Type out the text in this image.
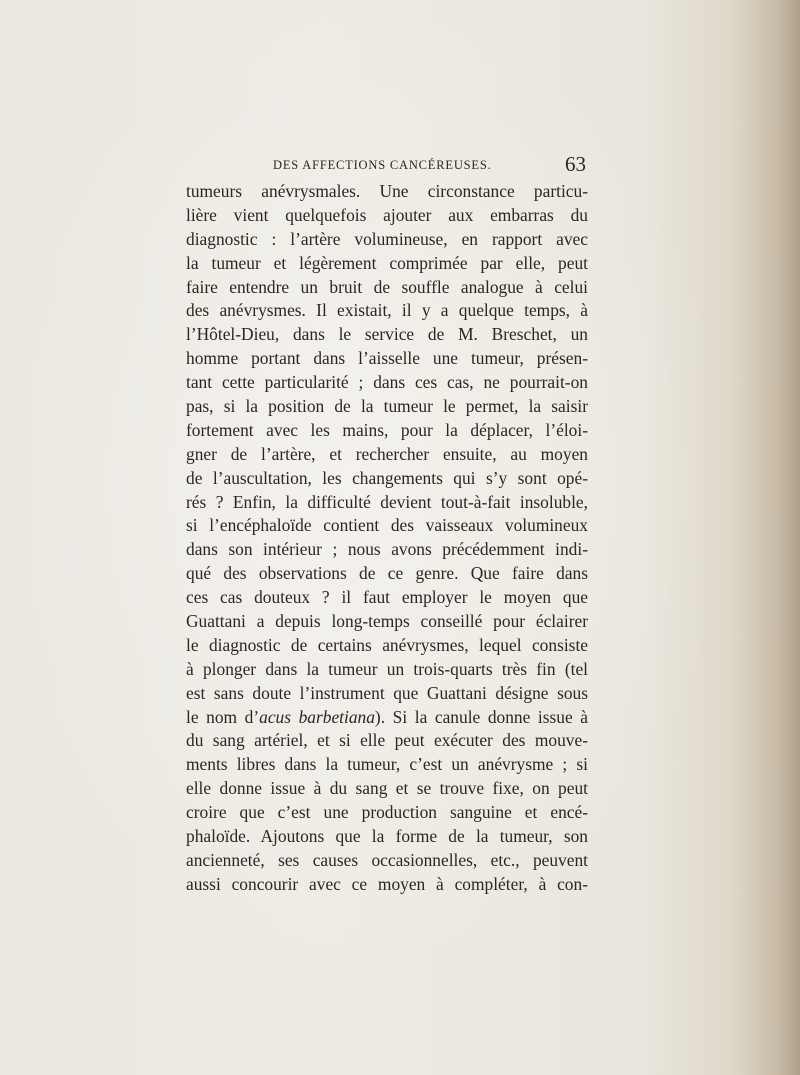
DES AFFECTIONS CANCÉREUSES.	63
tumeurs anévrysmales. Une circonstance particu-
lière vient quelquefois ajouter aux embarras du
diagnostic : l’artère volumineuse, en rapport avec
la tumeur et légèrement comprimée par elle, peut
faire entendre un bruit de souffle analogue à celui
des anévrysmes. Il existait, il y a quelque temps, à
l’Hôtel-Dieu, dans le service de M. Breschet, un
homme portant dans l’aisselle une tumeur, présen-
tant cette particularité ; dans ces cas, ne pourrait-on
pas, si la position de la tumeur le permet, la saisir
fortement avec les mains, pour la déplacer, l’éloi-
gner de l’artère, et rechercher ensuite, au moyen
de l’auscultation, les changements qui s’y sont opé-
rés ? Enfin, la difficulté devient tout-à-fait insoluble,
si l’encéphaloïde contient des vaisseaux volumineux
dans son intérieur ; nous avons précédemment indi-
qué des observations de ce genre. Que faire dans
ces cas douteux ? il faut employer le moyen que
Guattani a depuis long-temps conseillé pour éclairer
le diagnostic de certains anévrysmes, lequel consiste
à plonger dans la tumeur un trois-quarts très fin (tel
est sans doute l’instrument que Guattani désigne sous
le nom d’acus barbetiana). Si la canule donne issue à
du sang artériel, et si elle peut exécuter des mouve-
ments libres dans la tumeur, c’est un anévrysme ; si
elle donne issue à du sang et se trouve fixe, on peut
croire que c’est une production sanguine et encé-
phaloïde. Ajoutons que la forme de la tumeur, son
ancienneté, ses causes occasionnelles, etc., peuvent
aussi concourir avec ce moyen à compléter, à con-
